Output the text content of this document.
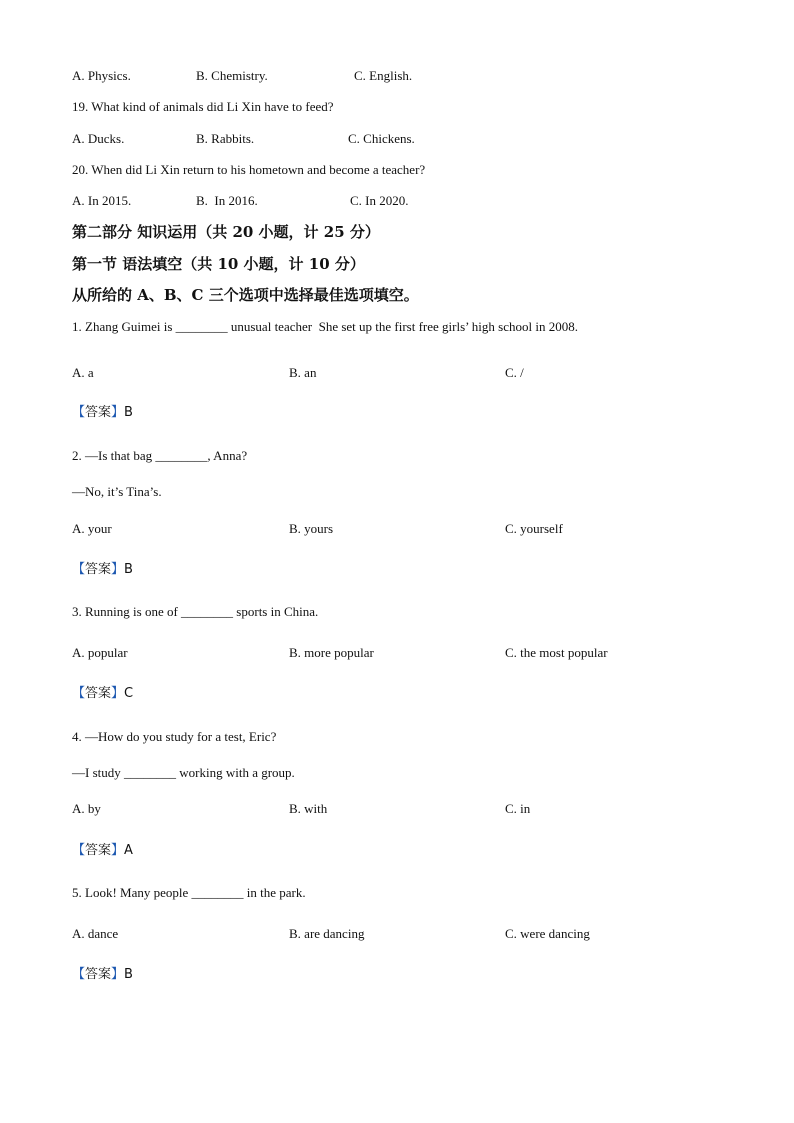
A. Physics.	B. Chemistry.	C. English.
19. What kind of animals did Li Xin have to feed?
A. Ducks.	B. Rabbits.	C. Chickens.
20. When did Li Xin return to his hometown and become a teacher?
A. In 2015.	B.  In 2016.	C. In 2020.
第二部分 知识运用（共 20 小题，计 25 分）
第一节 语法填空（共 10 小题，计 10 分）
从所给的 A、B、C 三个选项中选择最佳选项填空。
1. Zhang Guimei is ________ unusual teacher  She set up the first free girls’ high school in 2008.
A. a	B. an	C. /
【答案】B
2. —Is that bag ________, Anna?
—No, it’s Tina’s.
A. your	B. yours	C. yourself
【答案】B
3. Running is one of ________ sports in China.
A. popular	B. more popular	C. the most popular
【答案】C
4. —How do you study for a test, Eric?
—I study ________ working with a group.
A. by	B. with	C. in
【答案】A
5. Look! Many people ________ in the park.
A. dance	B. are dancing	C. were dancing
【答案】B
